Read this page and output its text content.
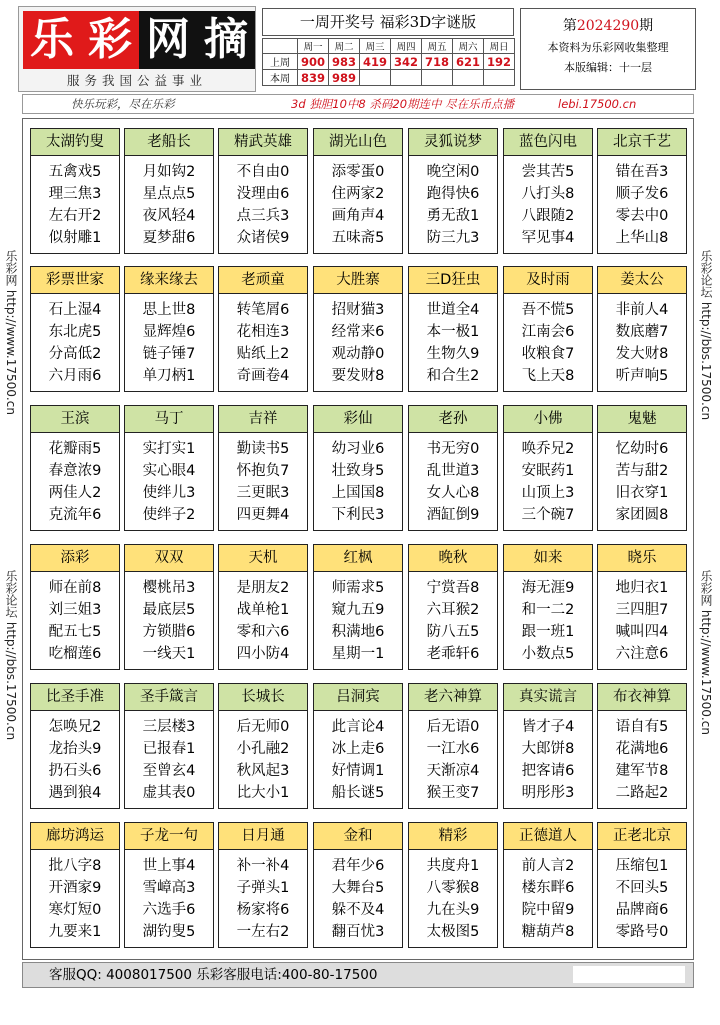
乐 彩 网 摘
服务我国公益事业
一周开奖号 福彩3D字谜版
	周一	周二	周三	周四	周五	周六	周日
上周	900	983	419	342	718	621	192
本周	839	989					
第2024290期
本资料为乐彩网收集整理
本版编辑：十一层
快乐玩彩，尽在乐彩	3d 独胆10中8 杀码20期连中 尽在乐币点播	lebi.17500.cn
乐彩网 http://www.17500.cn
乐彩论坛 http://bbs.17500.cn
乐彩论坛 http://bbs.17500.cn
乐彩网 http://www.17500.cn
太湖钓叟
五禽戏5
理三焦3
左右开2
似射雕1
老船长
月如钩2
星点点5
夜风轻4
夏梦甜6
精武英雄
不自由0
没理由6
点三兵3
众诸侯9
湖光山色
添零蛋0
住两家2
画角声4
五味斋5
灵狐说梦
晚空闲0
跑得快6
勇无敌1
防三九3
蓝色闪电
尝其苦5
八打头8
八跟随2
罕见事4
北京千艺
错在吾3
顺子发6
零去中0
上华山8
彩票世家
石上湿4
东北虎5
分高低2
六月雨6
缘来缘去
思上世8
显辉煌6
链子锤7
单刀柄1
老顽童
转笔屑6
花相连3
贴纸上2
奇画卷4
大胜寨
招财猫3
经常来6
观动静0
要发财8
三D狂虫
世道全4
本一极1
生物久9
和合生2
及时雨
吾不慌5
江南会6
收粮食7
飞上天8
姜太公
非前人4
数底蘑7
发大财8
听声响5
王滨
花瓣雨5
春意浓9
两佳人2
克流年6
马丁
实打实1
实心眼4
使绊儿3
使绊子2
吉祥
勤读书5
怀抱负7
三更眠3
四更舞4
彩仙
幼习业6
壮致身5
上国国8
下利民3
老孙
书无穷0
乱世道3
女人心8
酒缸倒9
小佛
唤乔兄2
安眠药1
山顶上3
三个碗7
鬼魅
忆幼时6
苦与甜2
旧衣穿1
家团圆8
添彩
师在前8
刘三姐3
配五七5
吃榴莲6
双双
樱桃吊3
最底层5
方锁腊6
一线天1
天机
是朋友2
战单枪1
零和六6
四小防4
红枫
师需求5
窥九五9
积满地6
星期一1
晚秋
宁赏吾8
六耳猴2
防八五5
老乖轩6
如来
海无涯9
和一二2
跟一班1
小数点5
晓乐
地归衣1
三四胆7
喊叫四4
六注意6
比圣手准
怎唤兄2
龙抬头9
扔石头6
遇到狼4
圣手箴言
三层楼3
已报春1
至曾玄4
虚其表0
长城长
后无师0
小孔融2
秋风起3
比大小1
吕洞宾
此言论4
冰上走6
好情调1
船长谜5
老六神算
后无语0
一江水6
天渐凉4
猴王变7
真实谎言
皆才子4
大郎饼8
把客请6
明彤彤3
布衣神算
语自有5
花满地6
建军节8
二路起2
廊坊鸿运
批八字8
开酒家9
寒灯短0
九要来1
子龙一句
世上事4
雪嶂高3
六选手6
湖钓叟5
日月通
补一补4
子弹头1
杨家将6
一左右2
金和
君年少6
大舞台5
躲不及4
翻百忧3
精彩
共度舟1
八零猴8
九在头9
太极图5
正德道人
前人言2
楼东畔6
院中留9
糖葫芦8
正老北京
压缩包1
不回头5
品牌商6
零路号0
客服QQ: 4008017500 乐彩客服电话:400-80-17500
